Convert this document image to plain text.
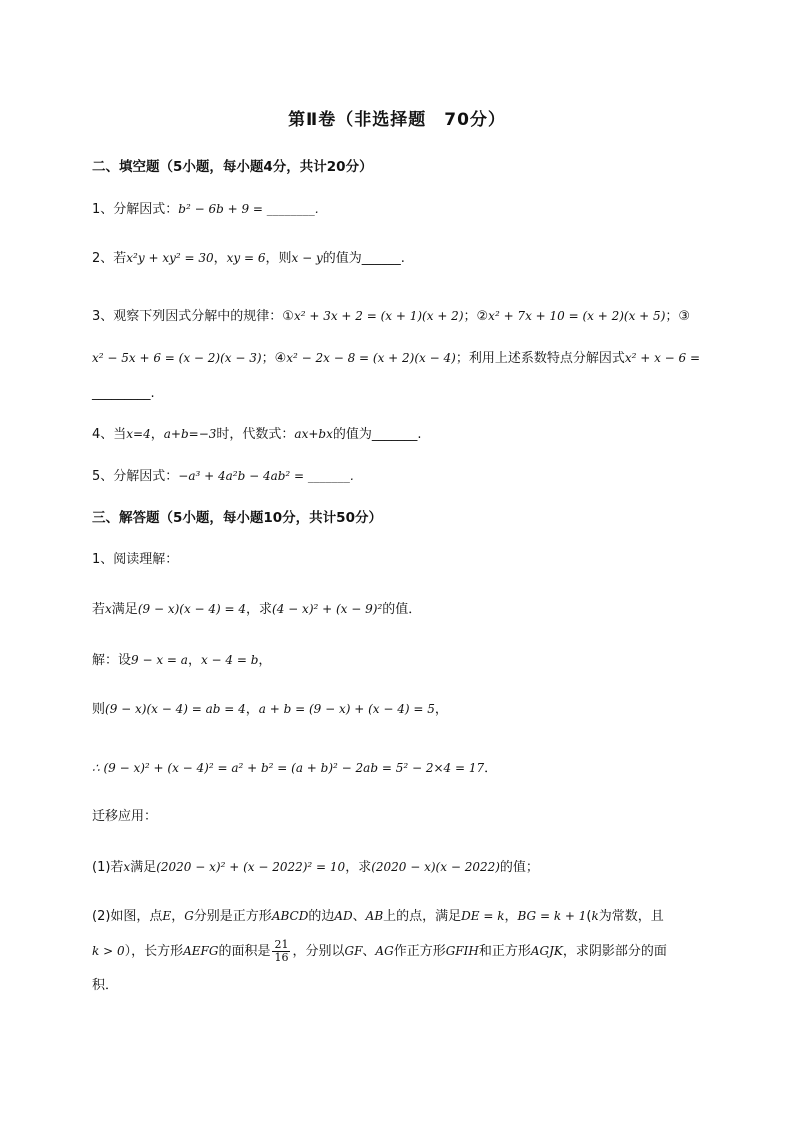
第Ⅱ卷（非选择题　70分）
二、填空题（5小题，每小题4分，共计20分）
1、分解因式：b² − 6b + 9 = ________.
2、若x²y + xy² = 30，xy = 6，则x − y的值为______.
3、观察下列因式分解中的规律：①x² + 3x + 2 = (x + 1)(x + 2)；②x² + 7x + 10 = (x + 2)(x + 5)；③
x² − 5x + 6 = (x − 2)(x − 3)；④x² − 2x − 8 = (x + 2)(x − 4)；利用上述系数特点分解因式x² + x − 6 =
_________.
4、当x=4，a+b=−3时，代数式：ax+bx的值为_______.
5、分解因式：−a³ + 4a²b − 4ab² = _______.
三、解答题（5小题，每小题10分，共计50分）
1、阅读理解：
若x满足(9 − x)(x − 4) = 4，求(4 − x)² + (x − 9)²的值．
解：设9 − x = a，x − 4 = b，
则(9 − x)(x − 4) = ab = 4，a + b = (9 − x) + (x − 4) = 5，
∴ (9 − x)² + (x − 4)² = a² + b² = (a + b)² − 2ab = 5² − 2×4 = 17．
迁移应用：
(1)若x满足(2020 − x)² + (x − 2022)² = 10，求(2020 − x)(x − 2022)的值；
(2)如图，点E，G分别是正方形ABCD的边AD、AB上的点，满足DE = k，BG = k + 1(k为常数，且
k > 0），长方形AEFG的面积是 $\frac{21}{16}$ ，分别以GF、AG作正方形GFIH和正方形AGJK，求阴影部分的面
积．
